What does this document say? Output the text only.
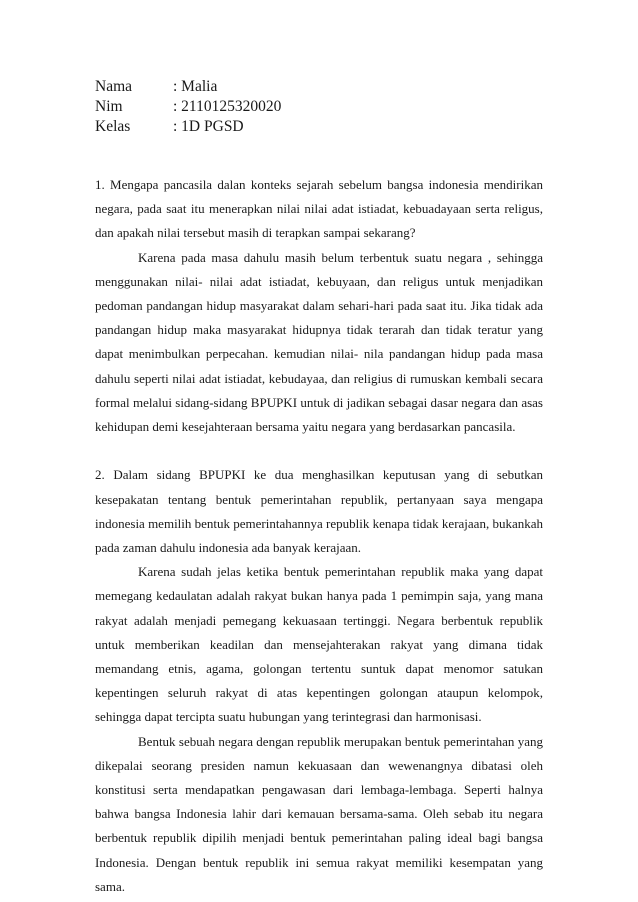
Nama	: Malia
Nim	: 2110125320020
Kelas	: 1D PGSD

1. Mengapa pancasila dalan konteks sejarah sebelum bangsa indonesia mendirikan negara, pada saat itu menerapkan nilai nilai adat istiadat, kebuadayaan serta religus, dan apakah nilai tersebut masih di terapkan sampai sekarang?

Karena pada masa dahulu masih belum terbentuk suatu negara , sehingga menggunakan nilai- nilai adat istiadat, kebuyaan, dan religus untuk menjadikan pedoman pandangan hidup masyarakat dalam sehari-hari pada saat itu. Jika tidak ada pandangan hidup maka masyarakat hidupnya tidak terarah dan tidak teratur yang dapat menimbulkan perpecahan. kemudian nilai- nila pandangan hidup pada masa dahulu seperti nilai adat istiadat, kebudayaa, dan religius di rumuskan kembali secara formal melalui sidang-sidang BPUPKI untuk di jadikan sebagai dasar negara dan asas kehidupan demi kesejahteraan bersama yaitu negara yang berdasarkan pancasila.

2. Dalam sidang BPUPKI ke dua menghasilkan keputusan yang di sebutkan kesepakatan tentang bentuk pemerintahan republik, pertanyaan saya mengapa indonesia memilih bentuk pemerintahannya republik kenapa tidak kerajaan, bukankah pada zaman dahulu indonesia ada banyak kerajaan.

Karena sudah jelas ketika bentuk pemerintahan republik maka yang dapat memegang kedaulatan adalah rakyat bukan hanya pada 1 pemimpin saja, yang mana rakyat adalah menjadi pemegang kekuasaan tertinggi. Negara berbentuk republik untuk memberikan keadilan dan mensejahterakan rakyat yang dimana tidak memandang etnis, agama, golongan tertentu suntuk dapat menomor satukan kepentingen seluruh rakyat di atas kepentingen golongan ataupun kelompok, sehingga dapat tercipta suatu hubungan yang terintegrasi dan harmonisasi.

Bentuk sebuah negara dengan republik merupakan bentuk pemerintahan yang dikepalai seorang presiden namun kekuasaan dan wewenangnya dibatasi oleh konstitusi serta mendapatkan pengawasan dari lembaga-lembaga. Seperti halnya bahwa bangsa Indonesia lahir dari kemauan bersama-sama. Oleh sebab itu negara berbentuk republik dipilih menjadi bentuk pemerintahan paling ideal bagi bangsa Indonesia. Dengan bentuk republik ini semua rakyat memiliki kesempatan yang sama.
